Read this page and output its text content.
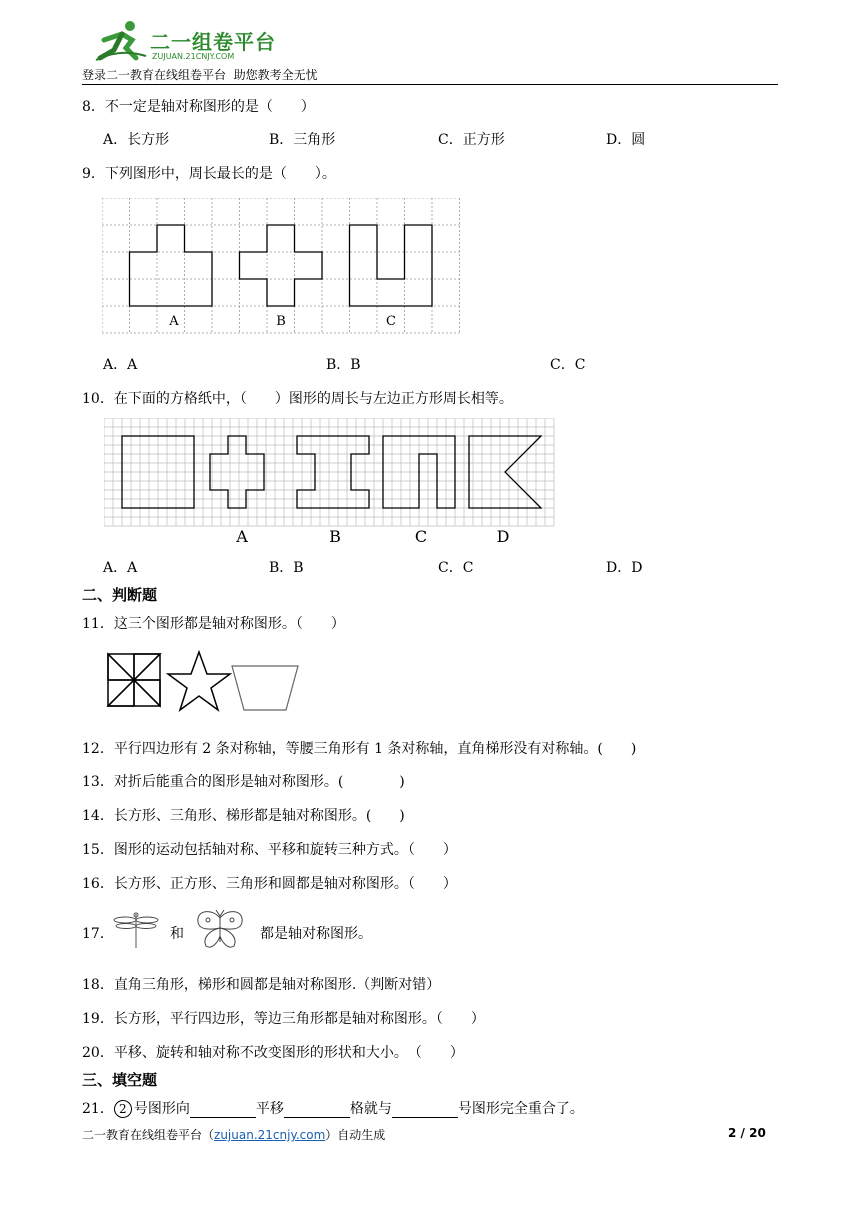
二一组卷平台
ZUJUAN.21CNJY.COM
登录二一教育在线组卷平台  助您教考全无忧
8．不一定是轴对称图形的是（　　）
A．长方形	B．三角形	C．正方形	D．圆
9．下列图形中，周长最长的是（　　）。
A	B	C
A．A	B．B	C．C
10．在下面的方格纸中，（　　）图形的周长与左边正方形周长相等。
A	B	C	D
A．A	B．B	C．C	D．D
二、判断题
11．这三个图形都是轴对称图形。（　　）
12．平行四边形有 2 条对称轴，等腰三角形有 1 条对称轴，直角梯形没有对称轴。(　　)
13．对折后能重合的图形是轴对称图形。(　　　　)
14．长方形、三角形、梯形都是轴对称图形。(　　)
15．图形的运动包括轴对称、平移和旋转三种方式。（　　）
16．长方形、正方形、三角形和圆都是轴对称图形。（　　）
17．	和	都是轴对称图形。
18．直角三角形，梯形和圆都是轴对称图形.（判断对错）
19．长方形，平行四边形，等边三角形都是轴对称图形。（　　）
20．平移、旋转和轴对称不改变图形的形状和大小。　（　　）
三、填空题
21． 2 号图形向	平移	格就与	号图形完全重合了。
二一教育在线组卷平台（zujuan.21cnjy.com）自动生成	2 / 20
